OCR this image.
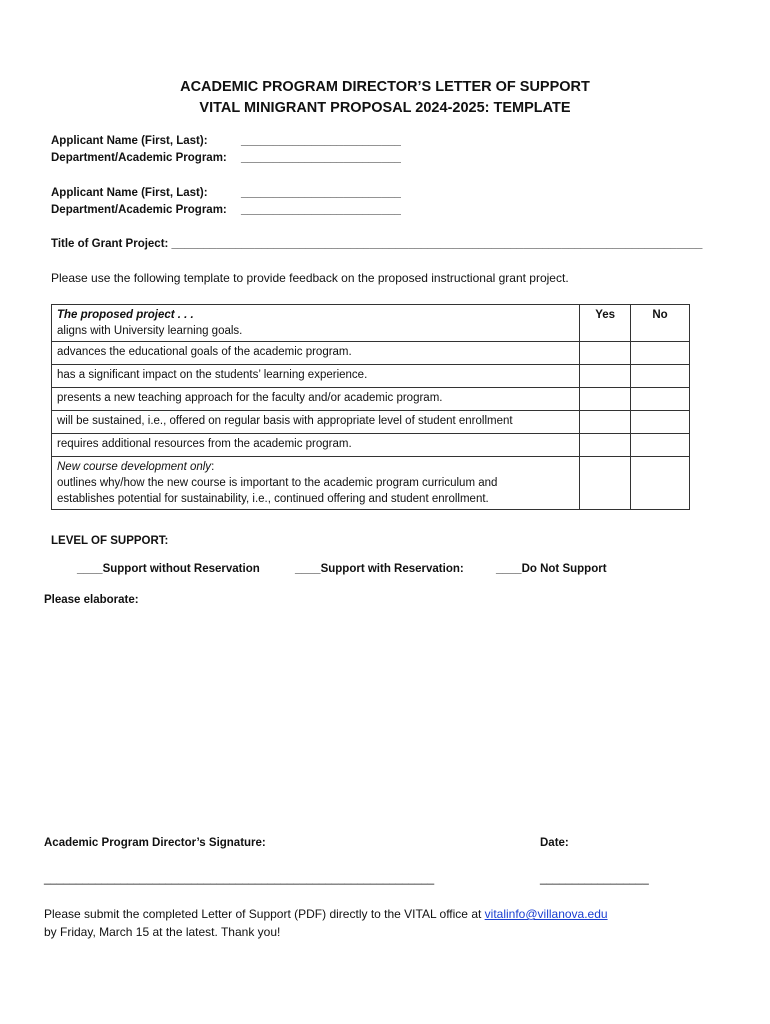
ACADEMIC PROGRAM DIRECTOR’S LETTER OF SUPPORT
VITAL MINIGRANT PROPOSAL 2024-2025: TEMPLATE
Applicant Name (First, Last):	_________________________
Department/Academic Program:	_________________________
Applicant Name (First, Last):	_________________________
Department/Academic Program:	_________________________
Title of Grant Project: ___________________________________________________________________________________
Please use the following template to provide feedback on the proposed instructional grant project.
The proposed project . . .
aligns with University learning goals.	Yes	No
advances the educational goals of the academic program.		
has a significant impact on the students’ learning experience.		
presents a new teaching approach for the faculty and/or academic program.		
will be sustained, i.e., offered on regular basis with appropriate level of student enrollment		
requires additional resources from the academic program.		

New course development only:
outlines why/how the new course is important to the academic program curriculum and
establishes potential for sustainability, i.e., continued offering and student enrollment.		

LEVEL OF SUPPORT:
____Support without Reservation	____Support with Reservation:	____Do Not Support
Please elaborate:
Academic Program Director’s Signature:	Date:
_____________________________________________________________	_________________
Please submit the completed Letter of Support (PDF) directly to the VITAL office at vitalinfo@villanova.edu
by Friday, March 15 at the latest. Thank you!
